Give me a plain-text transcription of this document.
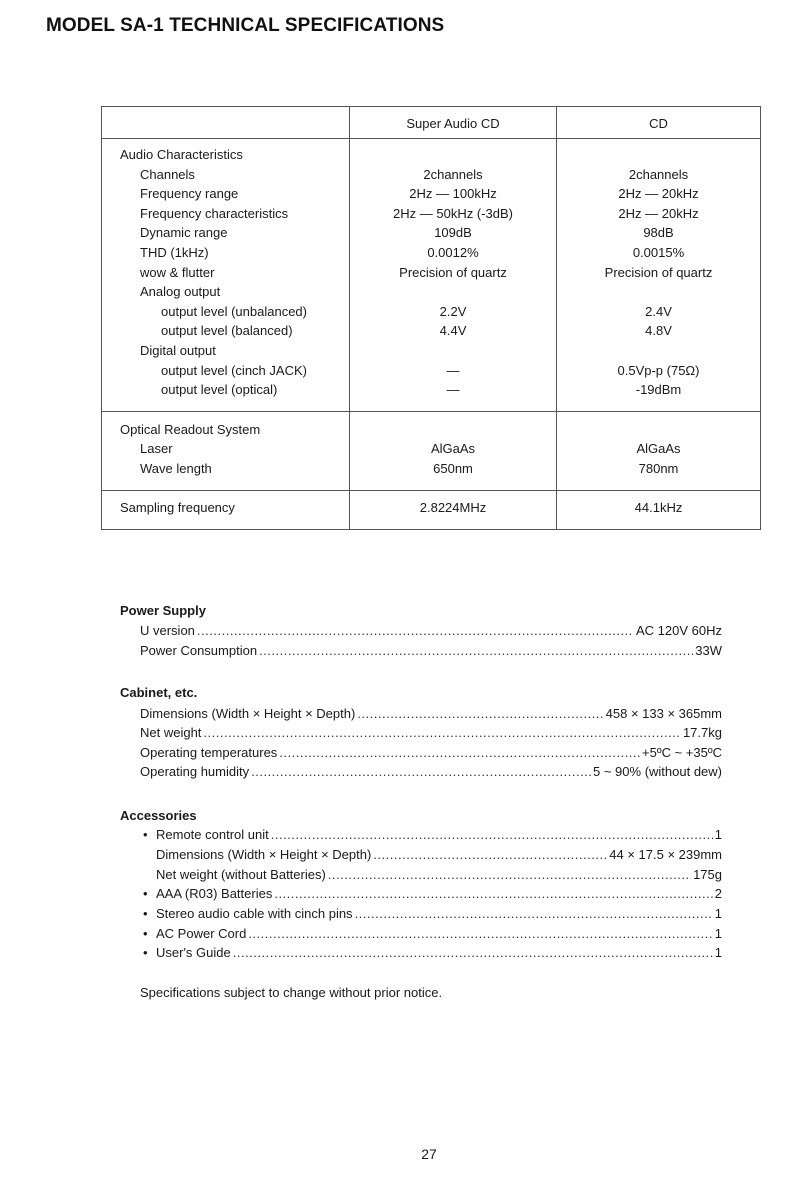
MODEL SA-1 TECHNICAL SPECIFICATIONS
Super Audio CD	CD
Audio Characteristics
Channels	2channels	2channels
Frequency range	2Hz — 100kHz	2Hz — 20kHz
Frequency characteristics	2Hz — 50kHz (-3dB)	2Hz — 20kHz
Dynamic range	109dB	98dB
THD (1kHz)	0.0012%	0.0015%
wow & flutter	Precision of quartz	Precision of quartz
Analog output
output level (unbalanced)	2.2V	2.4V
output level (balanced)	4.4V	4.8V
Digital output
output level (cinch JACK)	—	0.5Vp-p (75Ω)
output level (optical)	—	-19dBm
Optical Readout System
Laser	AlGaAs	AlGaAs
Wave length	650nm	780nm
Sampling frequency	2.8224MHz	44.1kHz
Power Supply
U version .....	AC 120V 60Hz
Power Consumption .....	33W
Cabinet, etc.
Dimensions (Width × Height × Depth) .....	458 × 133 × 365mm
Net weight .....	17.7kg
Operating temperatures .....	+5ºC ~ +35ºC
Operating humidity .....	5 ~ 90% (without dew)
Accessories
• Remote control unit .....	1
Dimensions (Width × Height × Depth) .....	44 × 17.5 × 239mm
Net weight (without Batteries) .....	175g
• AAA (R03) Batteries .....	2
• Stereo audio cable with cinch pins .....	1
• AC Power Cord .....	1
• User's Guide .....	1
Specifications subject to change without prior notice.
27
